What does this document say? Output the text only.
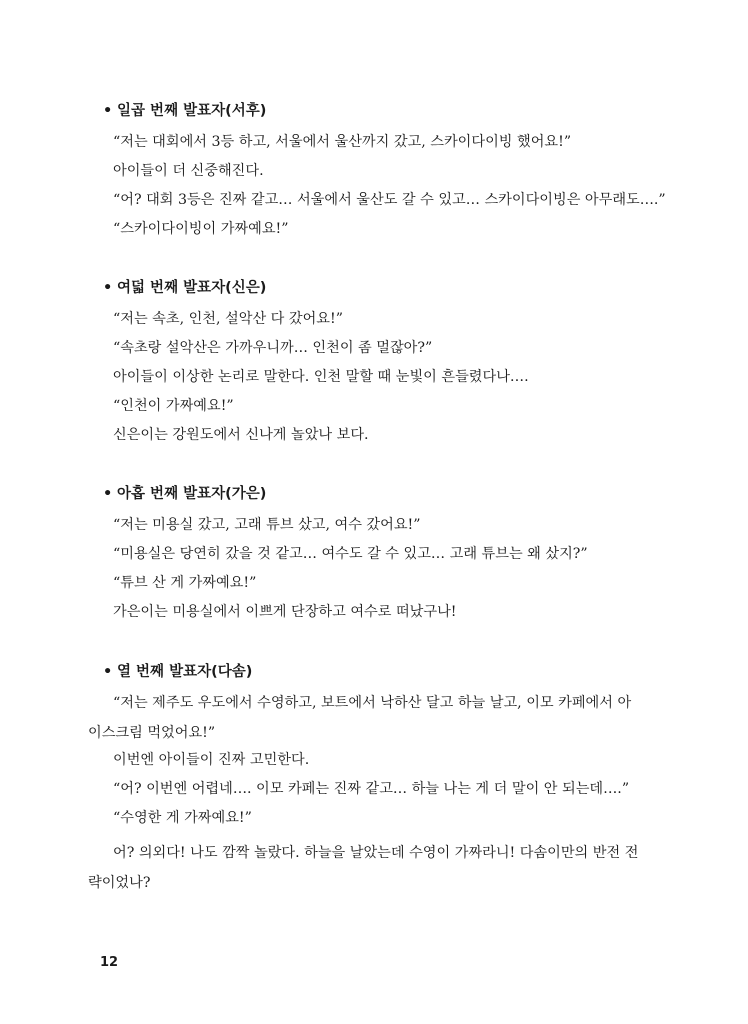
• 일곱 번째 발표자(서후)
“저는 대회에서 3등 하고, 서울에서 울산까지 갔고, 스카이다이빙 했어요!”
아이들이 더 신중해진다.
“어? 대회 3등은 진짜 같고… 서울에서 울산도 갈 수 있고… 스카이다이빙은 아무래도….”
“스카이다이빙이 가짜예요!”
• 여덟 번째 발표자(신은)
“저는 속초, 인천, 설악산 다 갔어요!”
“속초랑 설악산은 가까우니까… 인천이 좀 멀잖아?”
아이들이 이상한 논리로 말한다. 인천 말할 때 눈빛이 흔들렸다나….
“인천이 가짜예요!”
신은이는 강원도에서 신나게 놀았나 보다.
• 아홉 번째 발표자(가은)
“저는 미용실 갔고, 고래 튜브 샀고, 여수 갔어요!”
“미용실은 당연히 갔을 것 같고… 여수도 갈 수 있고… 고래 튜브는 왜 샀지?”
“튜브 산 게 가짜예요!”
가은이는 미용실에서 이쁘게 단장하고 여수로 떠났구나!
• 열 번째 발표자(다솜)
“저는 제주도 우도에서 수영하고, 보트에서 낙하산 달고 하늘 날고, 이모 카페에서 아이스크림 먹었어요!”
이번엔 아이들이 진짜 고민한다.
“어? 이번엔 어렵네…. 이모 카페는 진짜 같고… 하늘 나는 게 더 말이 안 되는데….”
“수영한 게 가짜예요!”
어? 의외다! 나도 깜짝 놀랐다. 하늘을 날았는데 수영이 가짜라니! 다솜이만의 반전 전략이었나?
12
